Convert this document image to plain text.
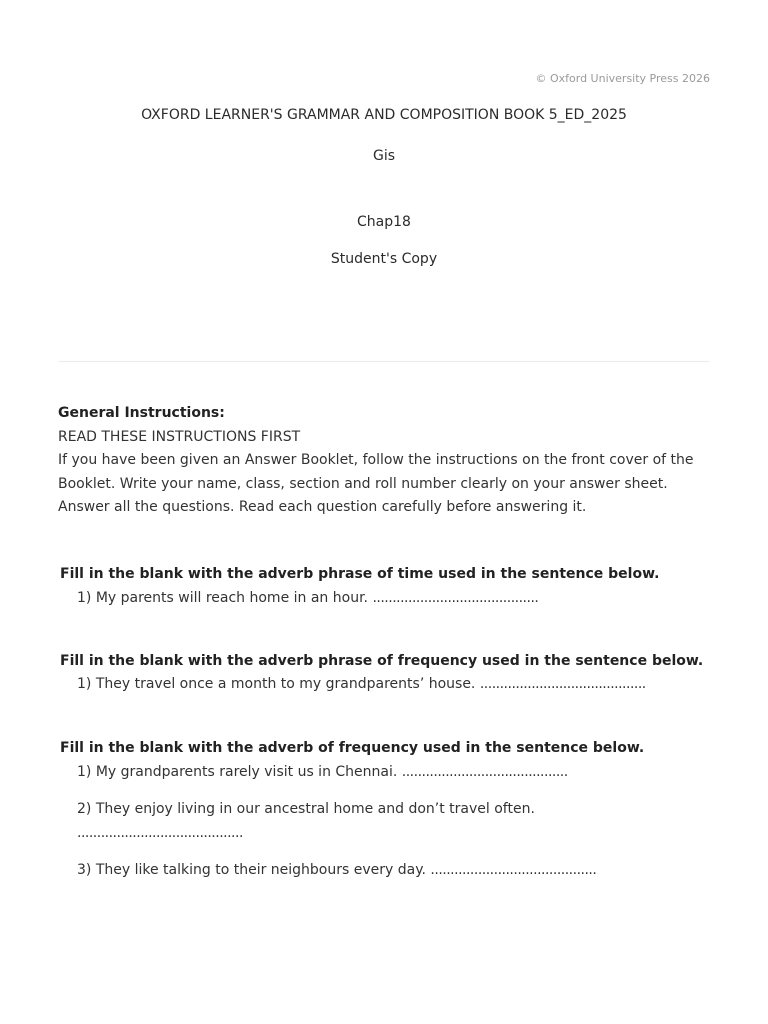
© Oxford University Press 2026
OXFORD LEARNER'S GRAMMAR AND COMPOSITION BOOK 5_ED_2025
Gis
Chap18
Student's Copy
General Instructions:
READ THESE INSTRUCTIONS FIRST
If you have been given an Answer Booklet, follow the instructions on the front cover of the Booklet. Write your name, class, section and roll number clearly on your answer sheet. Answer all the questions. Read each question carefully before answering it.
Fill in the blank with the adverb phrase of time used in the sentence below.
1) My parents will reach home in an hour. ..........................................
Fill in the blank with the adverb phrase of frequency used in the sentence below.
1) They travel once a month to my grandparents’ house. ..........................................
Fill in the blank with the adverb of frequency used in the sentence below.
1) My grandparents rarely visit us in Chennai. ..........................................
2) They enjoy living in our ancestral home and don’t travel often.
..........................................
3) They like talking to their neighbours every day. ..........................................
